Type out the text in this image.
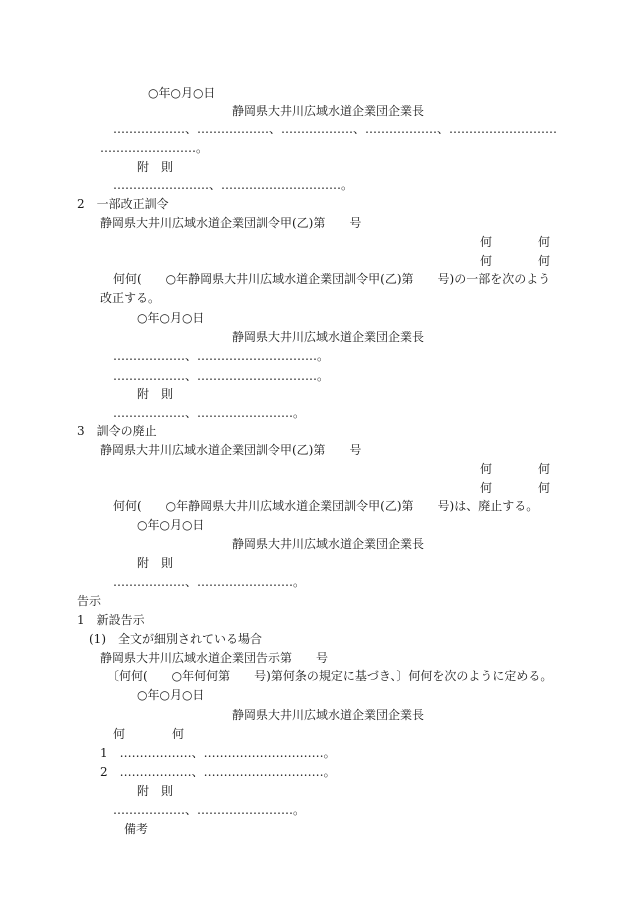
○年○月○日
静岡県大井川広域水道企業団企業長
………………、………………、………………、………………、………………………
……………………。
附　則
……………………、…………………………。
2　一部改正訓令
静岡県大井川広域水道企業団訓令甲(乙)第　　号
何	何
何	何
何何(　　○年静岡県大井川広域水道企業団訓令甲(乙)第　　号)の一部を次のよう
改正する。
○年○月○日
静岡県大井川広域水道企業団企業長
………………、…………………………。
………………、…………………………。
附　則
………………、……………………。
3　訓令の廃止
静岡県大井川広域水道企業団訓令甲(乙)第　　号
何	何
何	何
何何(　　○年静岡県大井川広域水道企業団訓令甲(乙)第　　号)は、廃止する。
○年○月○日
静岡県大井川広域水道企業団企業長
附　則
………………、……………………。
告示
1　新設告示
(1)　全文が細別されている場合
静岡県大井川広域水道企業団告示第　　号
〔何何(　　○年何何第　　号)第何条の規定に基づき、〕何何を次のように定める。
○年○月○日
静岡県大井川広域水道企業団企業長
何	何
1　………………、…………………………。
2　………………、…………………………。
附　則
………………、……………………。
備考
